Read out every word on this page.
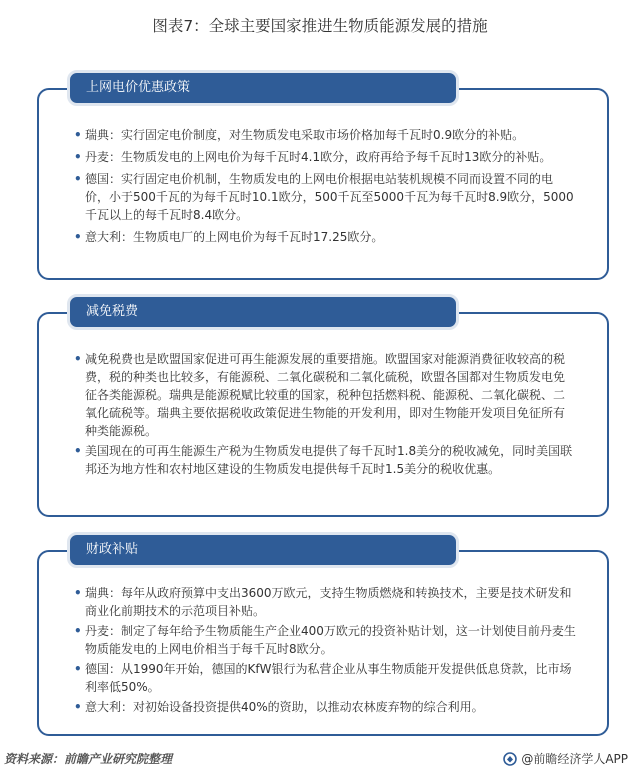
图表7：全球主要国家推进生物质能源发展的措施
上网电价优惠政策
• 瑞典：实行固定电价制度，对生物质发电采取市场价格加每千瓦时0.9欧分的补贴。
• 丹麦：生物质发电的上网电价为每千瓦时4.1欧分，政府再给予每千瓦时13欧分的补贴。
• 德国：实行固定电价机制，生物质发电的上网电价根据电站装机规模不同而设置不同的电价，小于500千瓦的为每千瓦时10.1欧分，500千瓦至5000千瓦为每千瓦时8.9欧分，5000千瓦以上的每千瓦时8.4欧分。
• 意大利：生物质电厂的上网电价为每千瓦时17.25欧分。
减免税费
• 减免税费也是欧盟国家促进可再生能源发展的重要措施。欧盟国家对能源消费征收较高的税费，税的种类也比较多，有能源税、二氧化碳税和二氧化硫税，欧盟各国都对生物质发电免征各类能源税。瑞典是能源税赋比较重的国家，税种包括燃料税、能源税、二氧化碳税、二氧化硫税等。瑞典主要依据税收政策促进生物能的开发利用，即对生物能开发项目免征所有种类能源税。
• 美国现在的可再生能源生产税为生物质发电提供了每千瓦时1.8美分的税收减免，同时美国联邦还为地方性和农村地区建设的生物质发电提供每千瓦时1.5美分的税收优惠。
财政补贴
• 瑞典：每年从政府预算中支出3600万欧元，支持生物质燃烧和转换技术，主要是技术研发和商业化前期技术的示范项目补贴。
• 丹麦：制定了每年给予生物质能生产企业400万欧元的投资补贴计划，这一计划使目前丹麦生物质能发电的上网电价相当于每千瓦时8欧分。
• 德国：从1990年开始，德国的KfW银行为私营企业从事生物质能开发提供低息贷款，比市场利率低50%。
• 意大利：对初始设备投资提供40%的资助，以推动农林废弃物的综合利用。
资料来源：前瞻产业研究院整理	@前瞻经济学人APP
